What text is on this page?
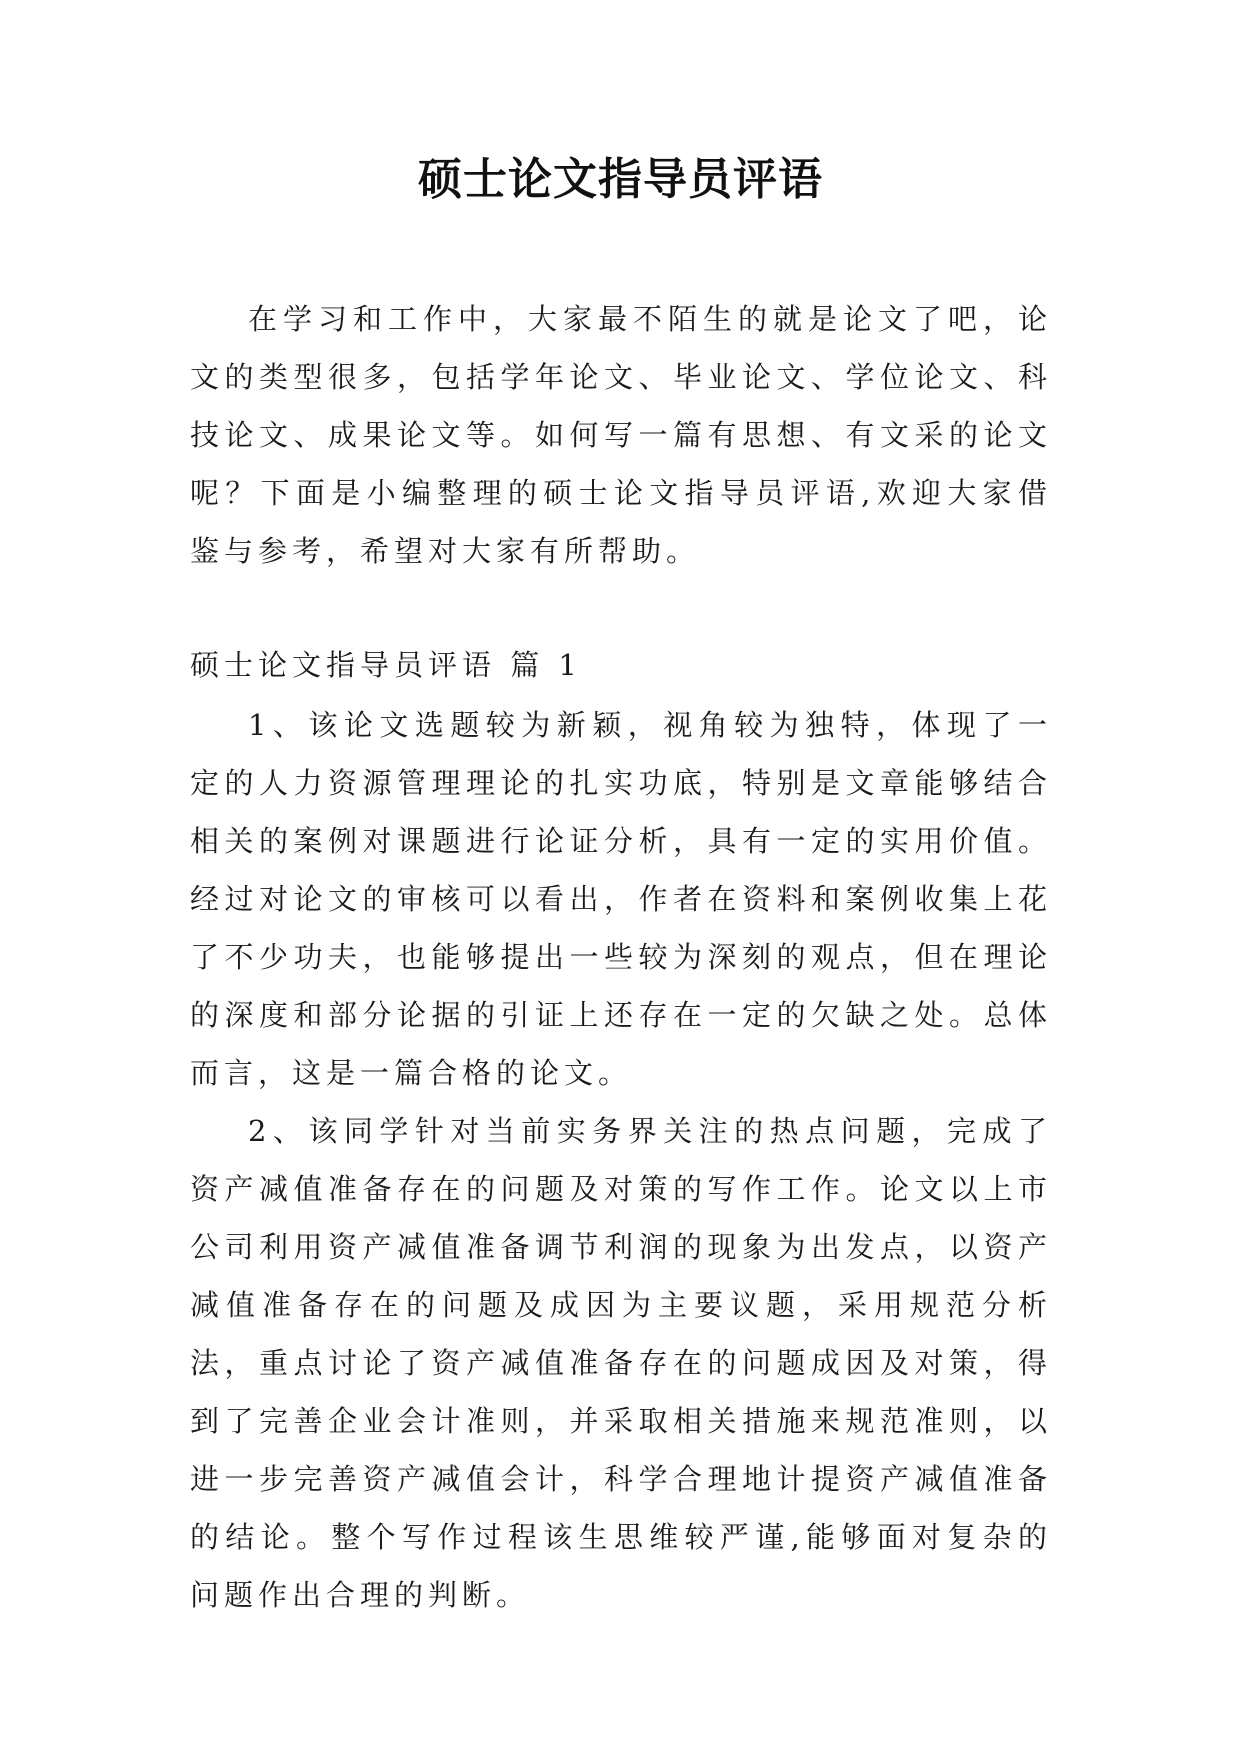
硕士论文指导员评语

在学习和工作中，大家最不陌生的就是论文了吧，论文的类型很多，包括学年论文、毕业论文、学位论文、科技论文、成果论文等。如何写一篇有思想、有文采的论文呢？下面是小编整理的硕士论文指导员评语,欢迎大家借鉴与参考，希望对大家有所帮助。

硕士论文指导员评语 篇 1

1、该论文选题较为新颖，视角较为独特，体现了一定的人力资源管理理论的扎实功底，特别是文章能够结合相关的案例对课题进行论证分析，具有一定的实用价值。经过对论文的审核可以看出，作者在资料和案例收集上花了不少功夫，也能够提出一些较为深刻的观点，但在理论的深度和部分论据的引证上还存在一定的欠缺之处。总体而言，这是一篇合格的论文。

2、该同学针对当前实务界关注的热点问题，完成了资产减值准备存在的问题及对策的写作工作。论文以上市公司利用资产减值准备调节利润的现象为出发点，以资产减值准备存在的问题及成因为主要议题，采用规范分析法，重点讨论了资产减值准备存在的问题成因及对策，得到了完善企业会计准则，并采取相关措施来规范准则，以进一步完善资产减值会计，科学合理地计提资产减值准备的结论。整个写作过程该生思维较严谨,能够面对复杂的问题作出合理的判断。
